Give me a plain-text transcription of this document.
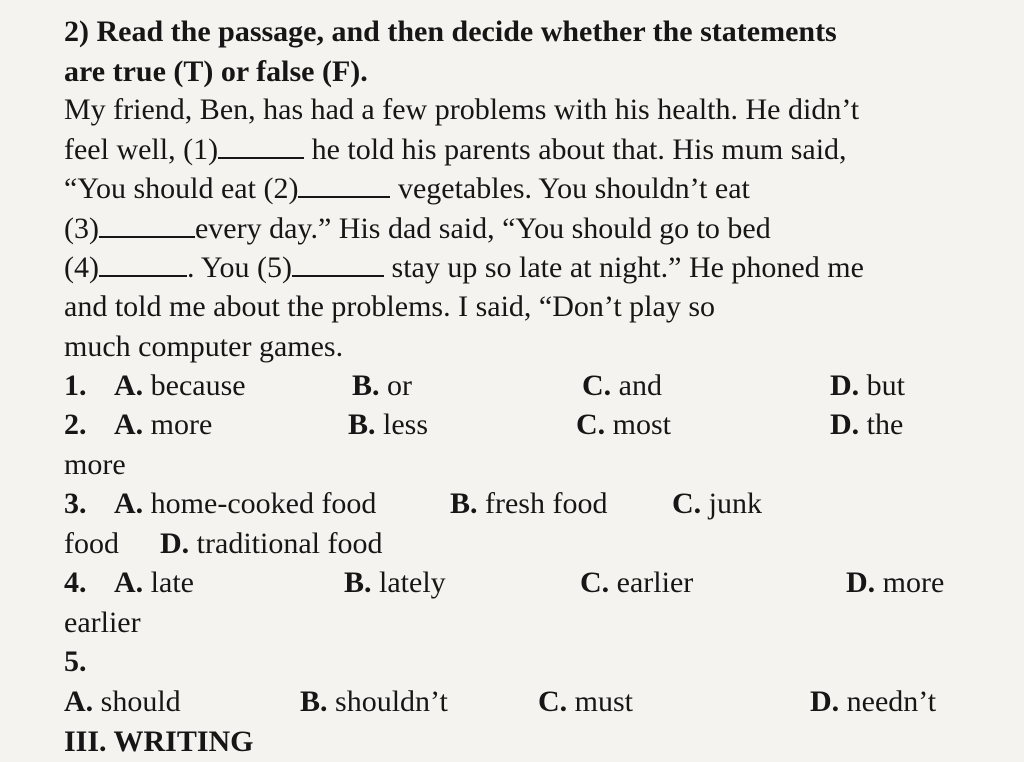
2) Read the passage, and then decide whether the statements
are true (T) or false (F).
My friend, Ben, has had a few problems with his health. He didn’t
feel well, (1)	he told his parents about that. His mum said,
“You should eat (2)	vegetables. You shouldn’t eat
(3)	every day.” His dad said, “You should go to bed
(4)	. You (5)	stay up so late at night.” He phoned me
and told me about the problems. I said, “Don’t play so
much computer games.
1. A. because	B. or	C. and	D. but
2. A. more	B. less	C. most	D. the
more
3. A. home-cooked food B. fresh food C. junk
food D. traditional food
4. A. late	B. lately	C. earlier	D. more
earlier
5.
A. should	B. shouldn’t	C. must	D. needn’t
III. WRITING
